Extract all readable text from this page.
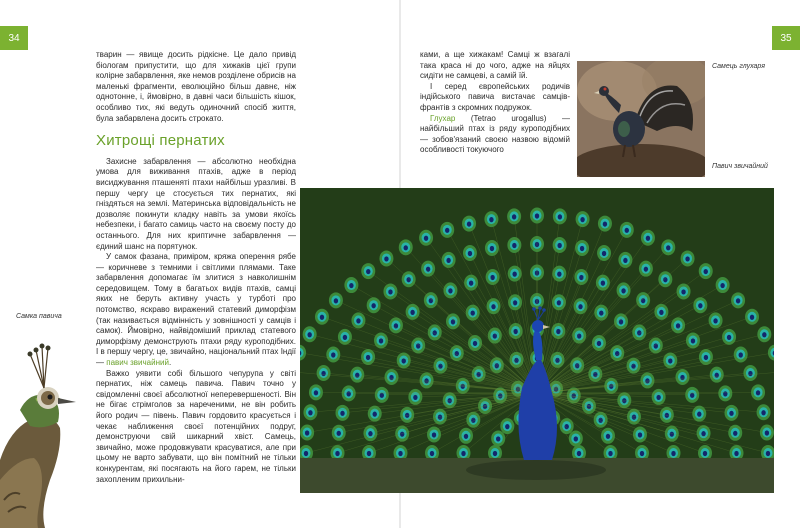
34	35

тварин — явище досить рідкісне. Це дало привід біологам припустити, що для хижаків цієї групи колірне забарвлення, яке немов розділене обрисів на маленькі фрагменти, еволюційно більш давнє, ніж однотонне, і, ймовірно, в давні часи більшість кішок, особливо тих, які ведуть одиночний спосіб життя, була забарвлена досить строкато.

Хитрощі пернатих

Захисне забарвлення — абсолютно необхідна умова для виживання птахів, адже в період висиджування пташеняті птахи найбільш уразливі. В першу чергу це стосується тих пернатих, які гніздяться на землі. Материнська відповідальність не дозволяє покинути кладку навіть за умови якоїсь небезпеки, і багато самиць часто на своєму посту до останнього. Для них криптичне забарвлення — єдиний шанс на порятунок.

У самок фазана, приміром, кряжа оперення рябе — коричневе з темними і світлими плямами. Таке забарвлення допомагає їм злитися з навколишнім середовищем. Тому в багатьох видів птахів, самці яких не беруть активну участь у турботі про потомство, яскраво виражений статевий диморфізм (так називається відмінність у зовнішності у самців і самок). Ймовірно, найвідоміший приклад статевого диморфізму демонструють птахи ряду куроподібних. І в першу чергу, це, звичайно, національний птах Індії — павич звичайний.

Важко уявити собі більшого чепурупа у світі пернатих, ніж самець павича. Павич точно у свідомленні своєї абсолютної неперевершеності. Він не бігає стрімголов за нареченими, не він робить його родич — півень. Павич гордовито красується і чекає наближення своєї потенційних подруг, демонструючи свій шикарний хвіст. Самець, звичайно, може продовжувати красуватися, але при цьому не варто забувати, що він помітний не тільки конкурентам, які посягають на його гарем, не тільки захопленим прихильни-

ками, а ще хижакам! Самці ж взагалі така краса ні до чого, адже на яйцях сидіти не самцеві, а самій їй.

І серед європейських родичів індійського павича вистачає самців-франтів з скромних подружок.

Глухар (Tetrao urogallus) — найбільший птах із ряду куроподібних — зобов'язаний своєю назвою відомій особливості токуючого

Самець глухаря
Павич звичайний
Самка павича
